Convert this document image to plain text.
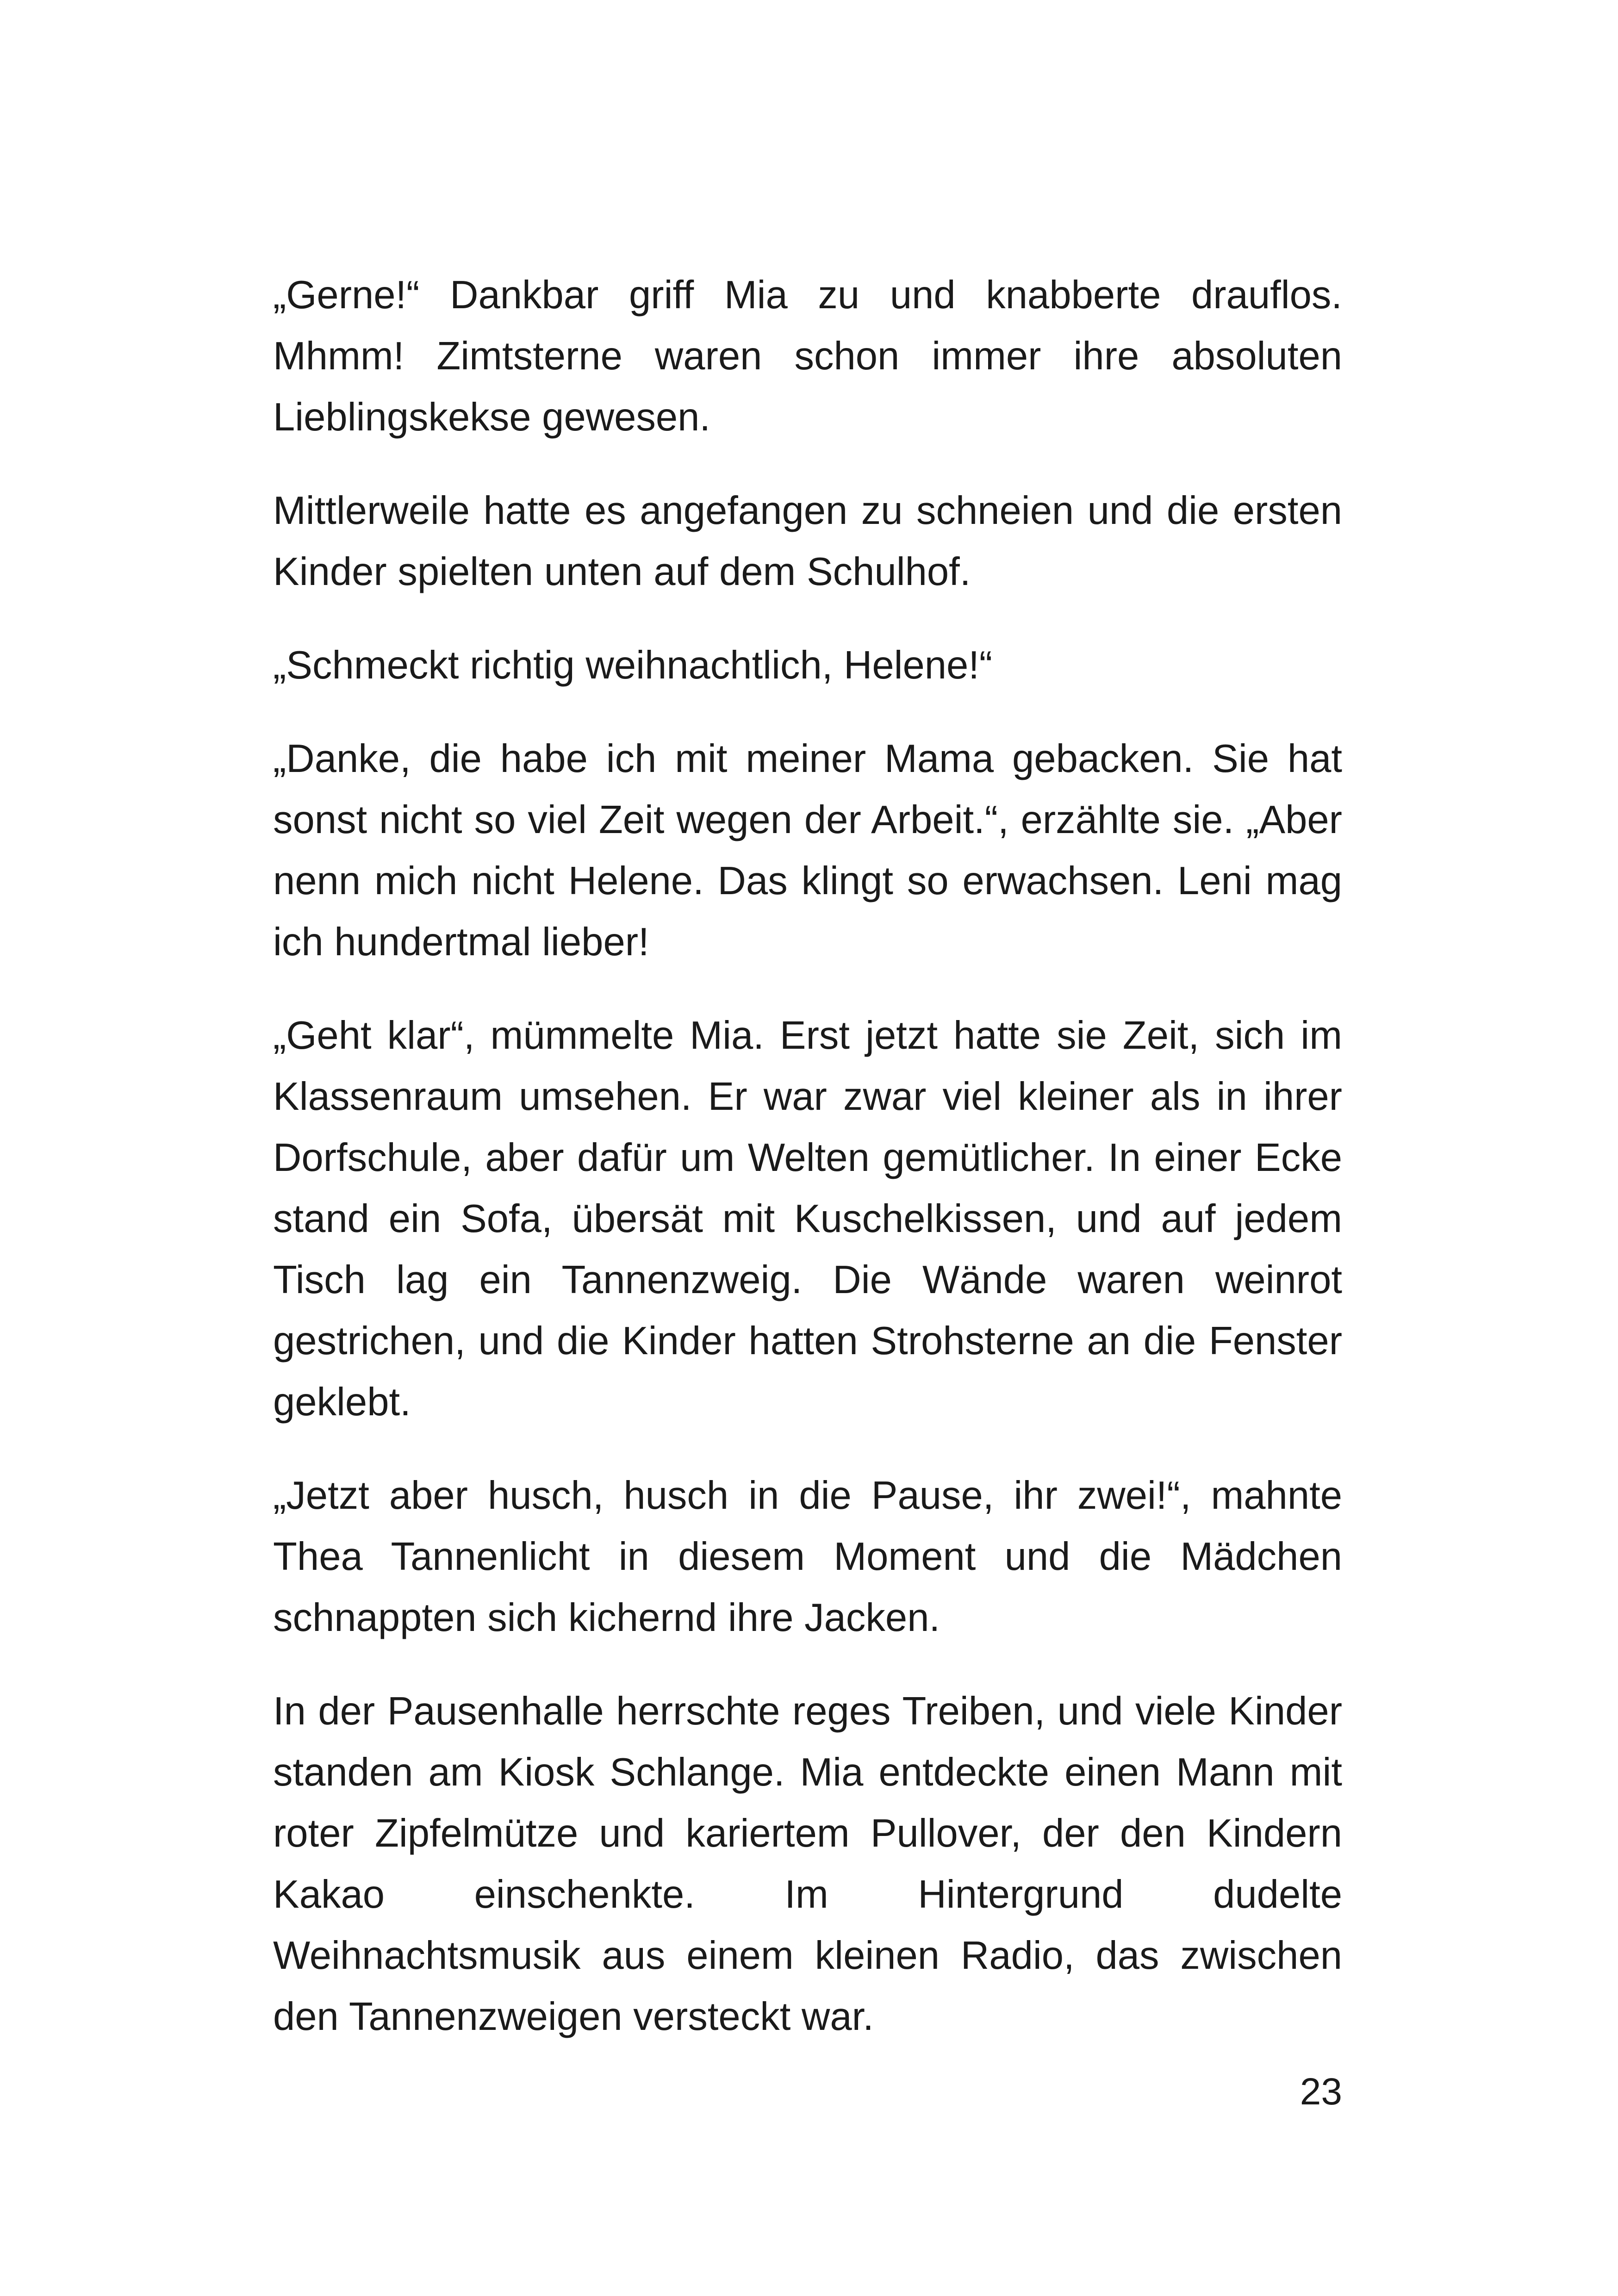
„Gerne!“ Dankbar griff Mia zu und knabberte drauflos. Mhmm! Zimtsterne waren schon immer ihre absoluten Lieblingskekse gewesen.

Mittlerweile hatte es angefangen zu schneien und die ersten Kinder spielten unten auf dem Schulhof.

„Schmeckt richtig weihnachtlich, Helene!“

„Danke, die habe ich mit meiner Mama gebacken. Sie hat sonst nicht so viel Zeit wegen der Arbeit.“, erzählte sie. „Aber nenn mich nicht Helene. Das klingt so erwachsen. Leni mag ich hundertmal lieber!

„Geht klar“, mümmelte Mia. Erst jetzt hatte sie Zeit, sich im Klassenraum umsehen. Er war zwar viel kleiner als in ihrer Dorfschule, aber dafür um Welten gemütlicher. In einer Ecke stand ein Sofa, übersät mit Kuschelkissen, und auf jedem Tisch lag ein Tannenzweig. Die Wände waren weinrot gestrichen, und die Kinder hatten Strohsterne an die Fenster geklebt.

„Jetzt aber husch, husch in die Pause, ihr zwei!“, mahnte Thea Tannenlicht in diesem Moment und die Mädchen schnappten sich kichernd ihre Jacken.

In der Pausenhalle herrschte reges Treiben, und viele Kinder standen am Kiosk Schlange. Mia entdeckte einen Mann mit roter Zipfelmütze und kariertem Pullover, der den Kindern Kakao einschenkte. Im Hintergrund dudelte Weihnachtsmusik aus einem kleinen Radio, das zwischen den Tannenzweigen versteckt war.

23
